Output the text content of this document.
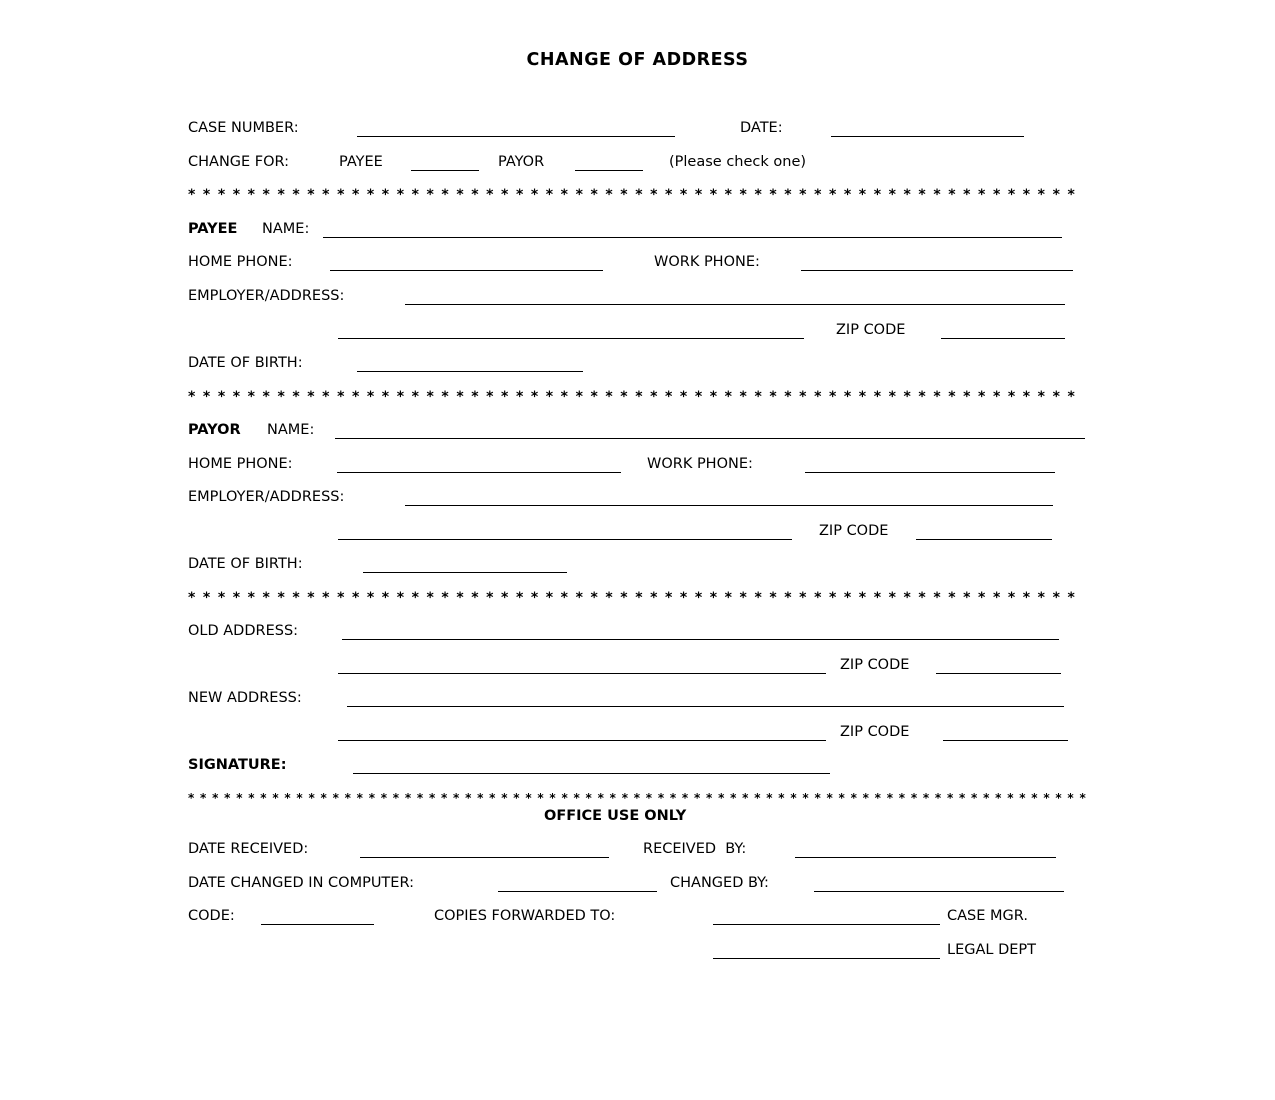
CHANGE OF ADDRESS
CASE NUMBER:	DATE:
CHANGE FOR:	PAYEE	PAYOR	(Please check one)
* * * * * * * * * * * * * * * * * * * * * * * * * * * * * * * * * * * * * * * * * * * * * * * * * * * * * * * * * * * *
PAYEE NAME:
HOME PHONE:	WORK PHONE:
EMPLOYER/ADDRESS:
ZIP CODE
DATE OF BIRTH:
* * * * * * * * * * * * * * * * * * * * * * * * * * * * * * * * * * * * * * * * * * * * * * * * * * * * * * * * * * * *
PAYOR NAME:
HOME PHONE:	WORK PHONE:
EMPLOYER/ADDRESS:
ZIP CODE
DATE OF BIRTH:
* * * * * * * * * * * * * * * * * * * * * * * * * * * * * * * * * * * * * * * * * * * * * * * * * * * * * * * * * * * *
OLD ADDRESS:
ZIP CODE
NEW ADDRESS:
ZIP CODE
SIGNATURE:
* * * * * * * * * * * * * * * * * * * * * * * * * * * * * * * * * * * * * * * * * * * * * * * * * * * * * * * * * * * * * * * * * * * * * * * * * * *
OFFICE USE ONLY
DATE RECEIVED:	RECEIVED  BY:
DATE CHANGED IN COMPUTER:	CHANGED BY:
CODE:	COPIES FORWARDED TO:	CASE MGR.
LEGAL DEPT
